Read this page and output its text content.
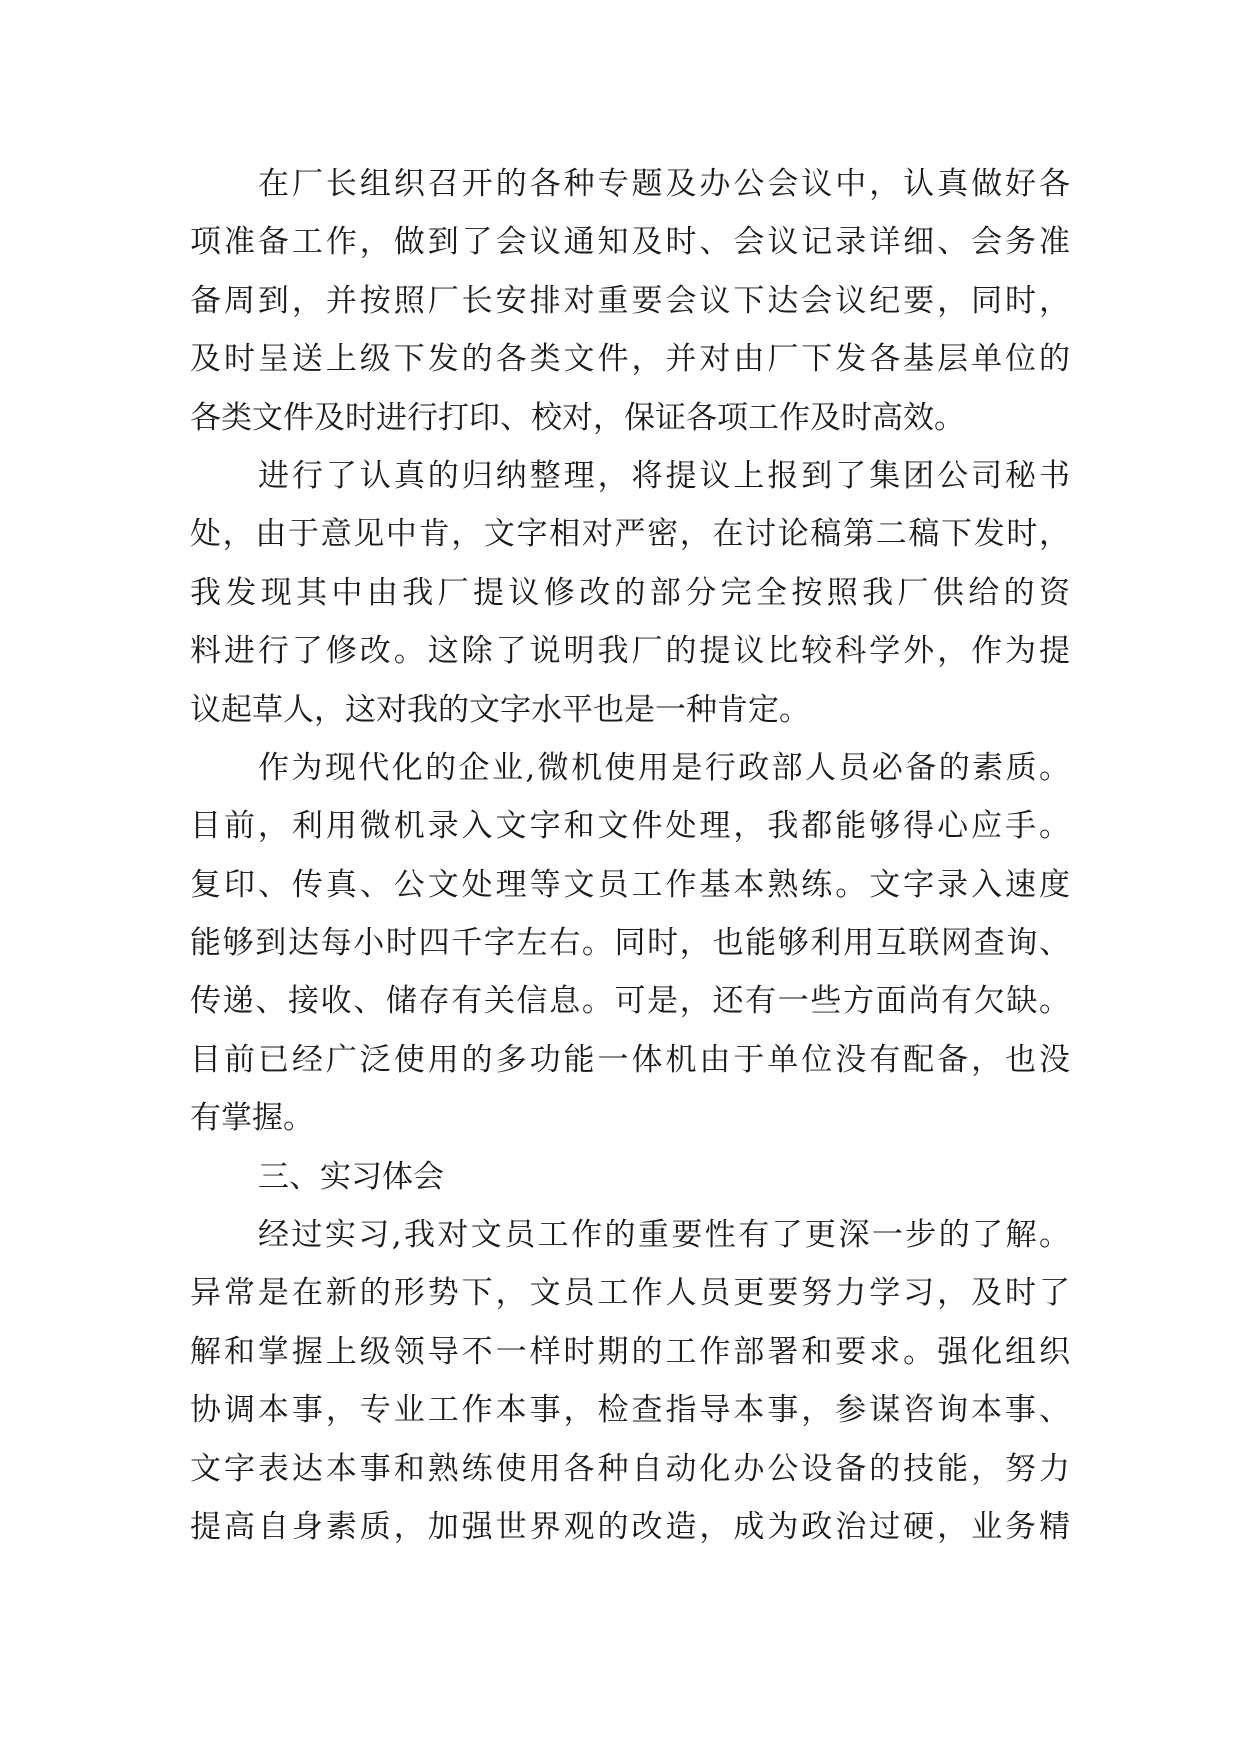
在厂长组织召开的各种专题及办公会议中，认真做好各
项准备工作，做到了会议通知及时、会议记录详细、会务准
备周到，并按照厂长安排对重要会议下达会议纪要，同时，
及时呈送上级下发的各类文件，并对由厂下发各基层单位的
各类文件及时进行打印、校对，保证各项工作及时高效。
进行了认真的归纳整理，将提议上报到了集团公司秘书
处，由于意见中肯，文字相对严密，在讨论稿第二稿下发时，
我发现其中由我厂提议修改的部分完全按照我厂供给的资
料进行了修改。这除了说明我厂的提议比较科学外，作为提
议起草人，这对我的文字水平也是一种肯定。
作为现代化的企业,微机使用是行政部人员必备的素质。
目前，利用微机录入文字和文件处理，我都能够得心应手。
复印、传真、公文处理等文员工作基本熟练。文字录入速度
能够到达每小时四千字左右。同时，也能够利用互联网查询、
传递、接收、储存有关信息。可是，还有一些方面尚有欠缺。
目前已经广泛使用的多功能一体机由于单位没有配备，也没
有掌握。
三、实习体会
经过实习,我对文员工作的重要性有了更深一步的了解。
异常是在新的形势下，文员工作人员更要努力学习，及时了
解和掌握上级领导不一样时期的工作部署和要求。强化组织
协调本事，专业工作本事，检查指导本事，参谋咨询本事、
文字表达本事和熟练使用各种自动化办公设备的技能，努力
提高自身素质，加强世界观的改造，成为政治过硬，业务精
